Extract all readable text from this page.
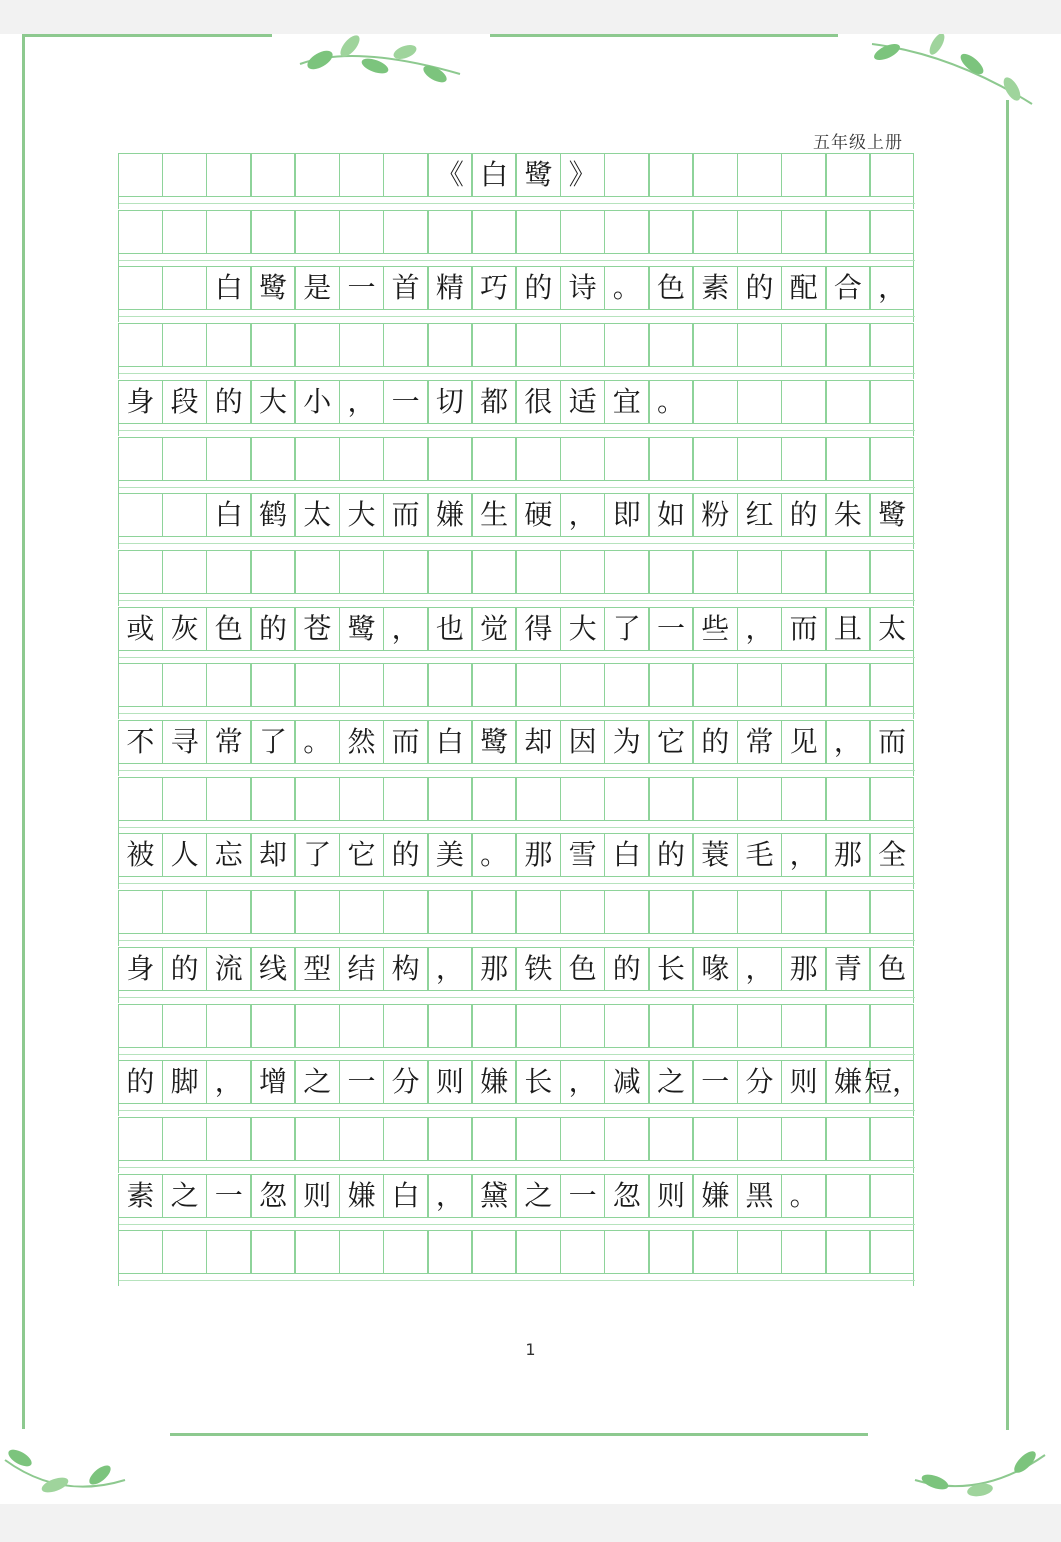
五年级上册
《 白 鹭 》
白 鹭 是 一 首 精 巧 的 诗 。 色 素 的 配 合 ，
身 段 的 大 小 ， 一 切 都 很 适 宜 。
白 鹤 太 大 而 嫌 生 硬 ， 即 如 粉 红 的 朱 鹭
或 灰 色 的 苍 鹭 ， 也 觉 得 大 了 一 些 ， 而 且 太
不 寻 常 了 。 然 而 白 鹭 却 因 为 它 的 常 见 ， 而
被 人 忘 却 了 它 的 美 。 那 雪 白 的 蓑 毛 ， 那 全
身 的 流 线 型 结 构 ， 那 铁 色 的 长 喙 ， 那 青 色
的 脚 ， 增 之 一 分 则 嫌 长 ， 减 之 一 分 则 嫌 短，
素 之 一 忽 则 嫌 白 ， 黛 之 一 忽 则 嫌 黑 。
1
